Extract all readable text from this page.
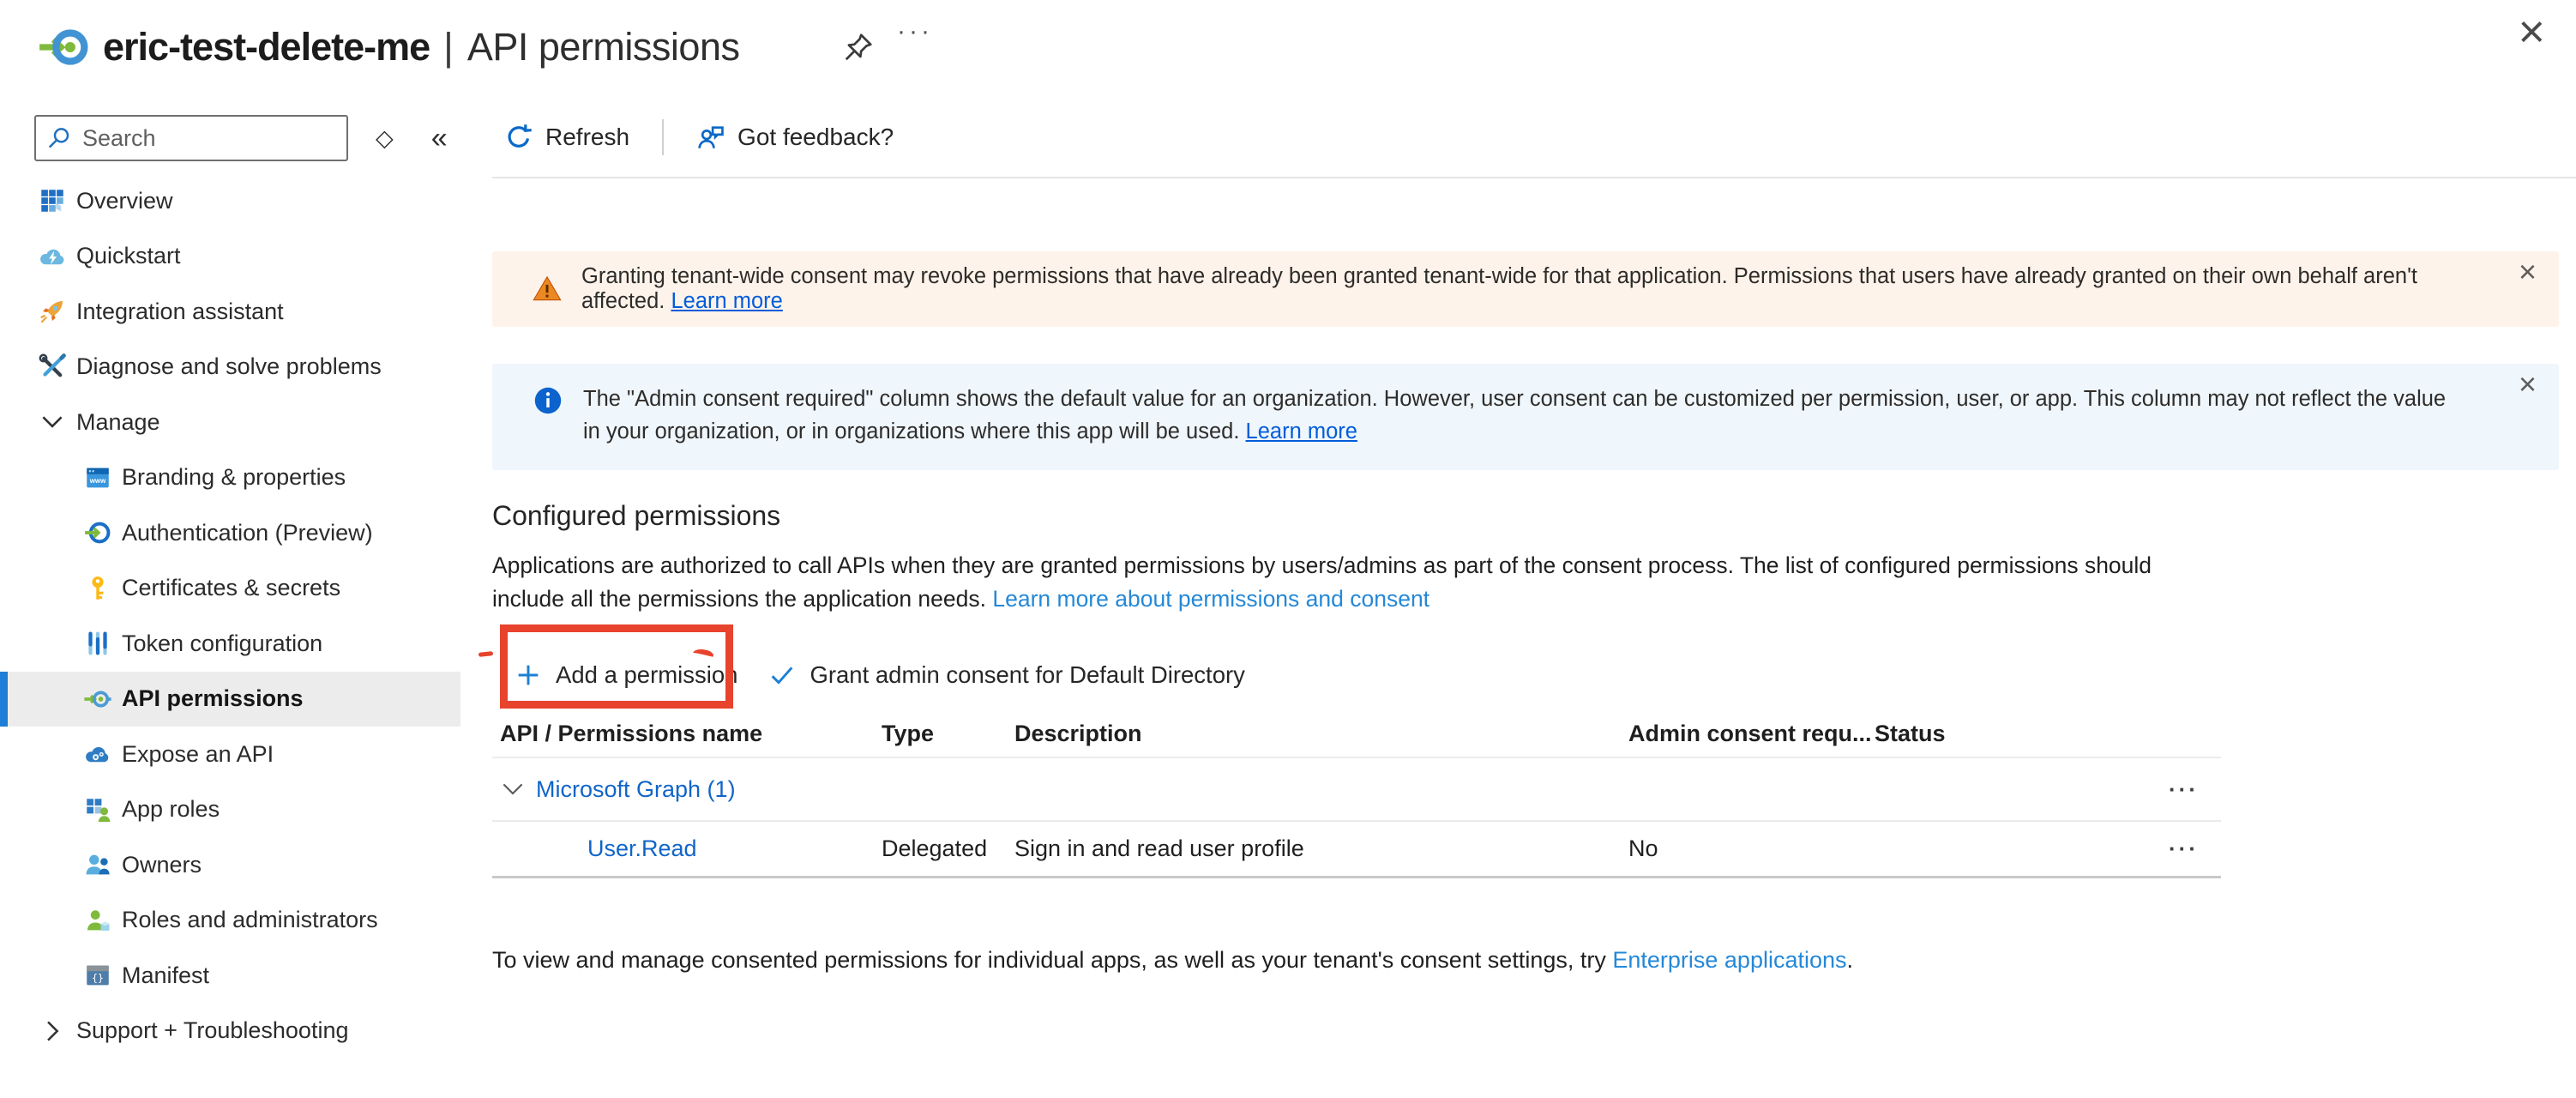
eric-test-delete-me | API permissions	···	×
Search
◇ «
Overview
Quickstart
Integration assistant
Diagnose and solve problems
Manage
www Branding & properties
Authentication (Preview)
Certificates & secrets
Token configuration
API permissions
Expose an API
App roles
Owners
Roles and administrators
{} Manifest
Support + Troubleshooting
Refresh	Got feedback?
Granting tenant-wide consent may revoke permissions that have already been granted tenant-wide for that application. Permissions that users have already granted on their own behalf aren't affected. Learn more
×
The "Admin consent required" column shows the default value for an organization. However, user consent can be customized per permission, user, or app. This column may not reflect the value in your organization, or in organizations where this app will be used. Learn more
×
Configured permissions
Applications are authorized to call APIs when they are granted permissions by users/admins as part of the consent process. The list of configured permissions should include all the permissions the application needs. Learn more about permissions and consent
Add a permission	Grant admin consent for Default Directory
API / Permissions name	Type	Description	Admin consent requ... Status
Microsoft Graph (1)	···
User.Read	Delegated	Sign in and read user profile	No	···
To view and manage consented permissions for individual apps, as well as your tenant's consent settings, try Enterprise applications.
